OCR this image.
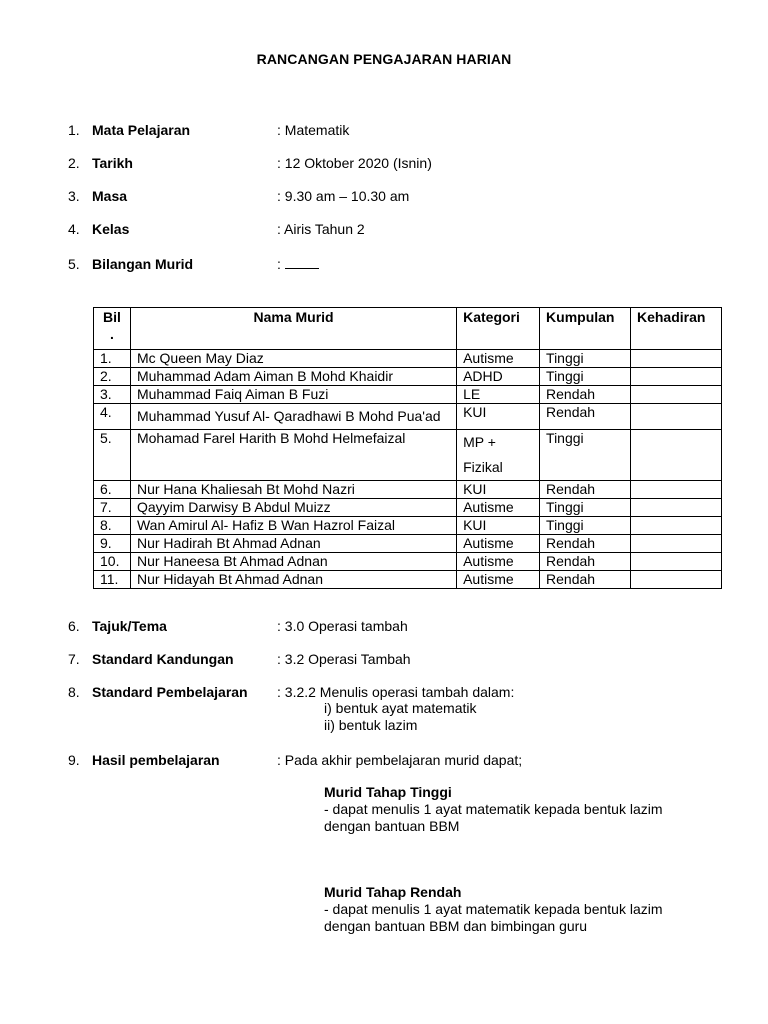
RANCANGAN PENGAJARAN HARIAN
1. Mata Pelajaran	: Matematik
2. Tarikh	: 12 Oktober 2020 (Isnin)
3. Masa	: 9.30 am – 10.30 am
4. Kelas	: Airis Tahun 2
5. Bilangan Murid	:
Bil .	Nama Murid	Kategori	Kumpulan	Kehadiran
1.	Mc Queen May Diaz	Autisme	Tinggi	
2.	Muhammad Adam Aiman B Mohd Khaidir	ADHD	Tinggi	
3.	Muhammad Faiq Aiman B Fuzi	LE	Rendah	
4.	Muhammad Yusuf Al- Qaradhawi B Mohd Pua'ad	KUI	Rendah	
5.	Mohamad Farel Harith B Mohd Helmefaizal	MP + Fizikal	Tinggi	
6.	Nur Hana Khaliesah Bt Mohd Nazri	KUI	Rendah	
7.	Qayyim Darwisy B Abdul Muizz	Autisme	Tinggi	
8.	Wan Amirul Al- Hafiz B Wan Hazrol Faizal	KUI	Tinggi	
9.	Nur Hadirah Bt Ahmad Adnan	Autisme	Rendah	
10.	Nur Haneesa Bt Ahmad Adnan	Autisme	Rendah	
11.	Nur Hidayah Bt Ahmad Adnan	Autisme	Rendah	
6. Tajuk/Tema	: 3.0 Operasi tambah
7. Standard Kandungan	: 3.2 Operasi Tambah
8. Standard Pembelajaran : 3.2.2 Menulis operasi tambah dalam:
i) bentuk ayat matematik
ii) bentuk lazim
9. Hasil pembelajaran	: Pada akhir pembelajaran murid dapat;
Murid Tahap Tinggi
- dapat menulis 1 ayat matematik kepada bentuk lazim
dengan bantuan BBM
Murid Tahap Rendah
- dapat menulis 1 ayat matematik kepada bentuk lazim
dengan bantuan BBM dan bimbingan guru
